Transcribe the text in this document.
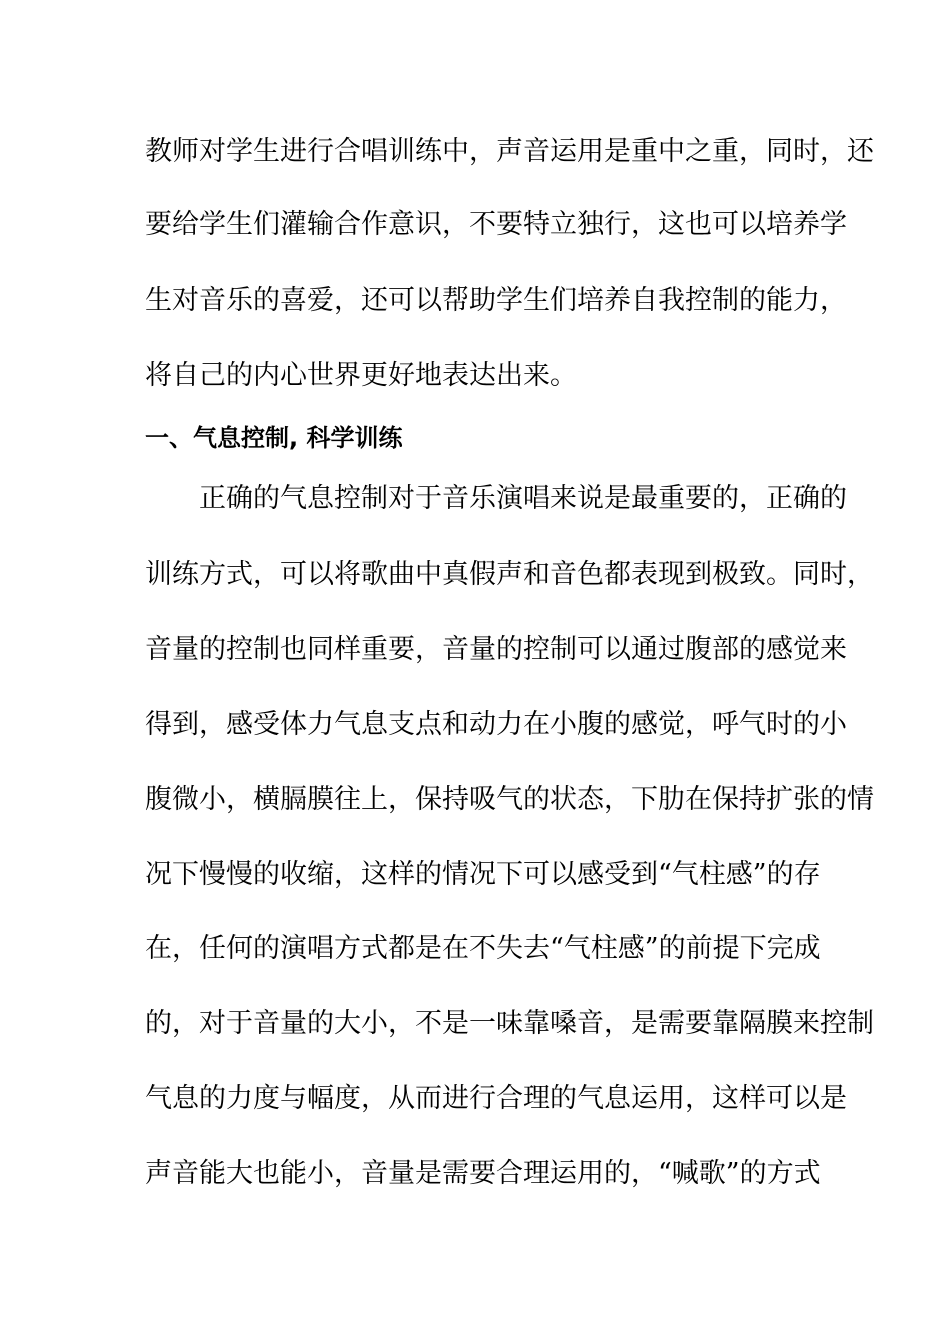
教师对学生进行合唱训练中，声音运用是重中之重，同时，还
要给学生们灌输合作意识，不要特立独行，这也可以培养学
生对音乐的喜爱，还可以帮助学生们培养自我控制的能力，
将自己的内心世界更好地表达出来。
一、气息控制, 科学训练
正确的气息控制对于音乐演唱来说是最重要的，正确的
训练方式，可以将歌曲中真假声和音色都表现到极致。同时，
音量的控制也同样重要，音量的控制可以通过腹部的感觉来
得到，感受体力气息支点和动力在小腹的感觉，呼气时的小
腹微小，横膈膜往上，保持吸气的状态，下肋在保持扩张的情
况下慢慢的收缩，这样的情况下可以感受到“气柱感”的存
在，任何的演唱方式都是在不失去“气柱感”的前提下完成
的，对于音量的大小，不是一味靠嗓音，是需要靠隔膜来控制
气息的力度与幅度，从而进行合理的气息运用，这样可以是
声音能大也能小，音量是需要合理运用的，“喊歌”的方式
